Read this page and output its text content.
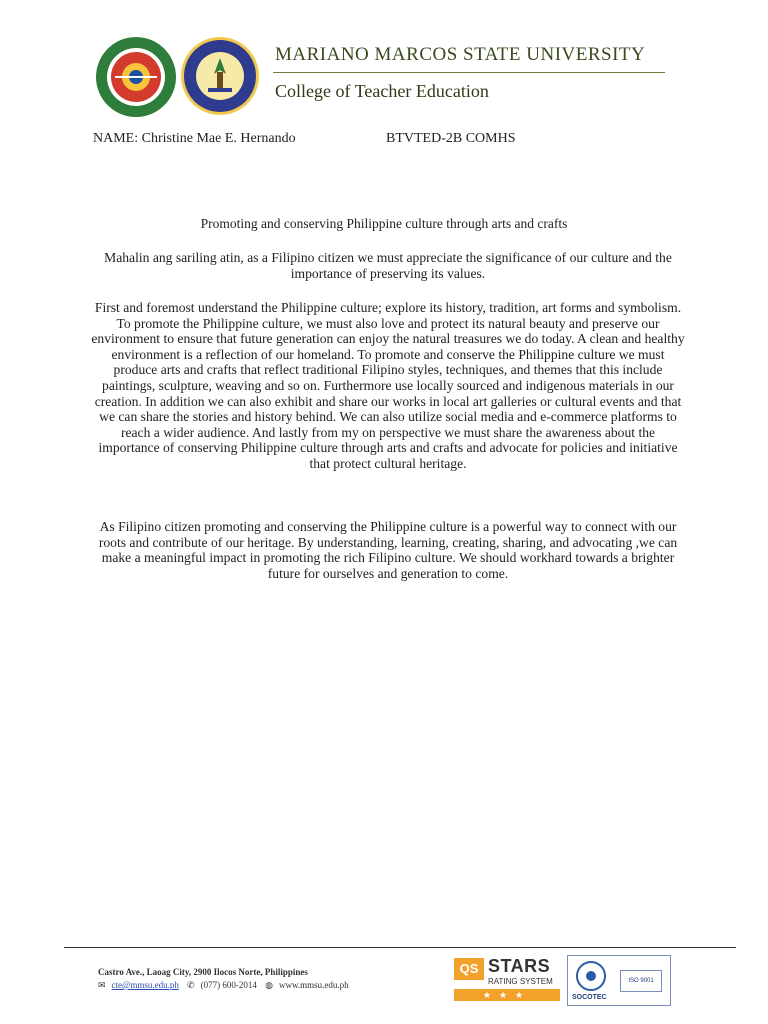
MARIANO MARCOS STATE UNIVERSITY
College of Teacher Education
NAME: Christine Mae E. Hernando	BTVTED-2B COMHS
Promoting and conserving Philippine culture through arts and crafts
Mahalin ang sariling atin, as a Filipino citizen we must appreciate the significance of our culture and the importance of preserving its values.
First and foremost understand the Philippine culture; explore its history, tradition, art forms and symbolism. To promote the Philippine culture, we must also love and protect its natural beauty and preserve our environment to ensure that future generation can enjoy the natural treasures we do today. A clean and healthy environment is a reflection of our homeland. To promote and conserve the Philippine culture we must produce arts and crafts that reflect traditional Filipino styles, techniques, and themes that this include paintings, sculpture, weaving and so on. Furthermore use locally sourced and indigenous materials in our creation. In addition we can also exhibit and share our works in local art galleries or cultural events and that we can share the stories and history behind. We can also utilize social media and e-commerce platforms to reach a wider audience. And lastly from my on perspective we must share the awareness about the importance of conserving Philippine culture through arts and crafts and advocate for policies and initiative that protect cultural heritage.
As Filipino citizen promoting and conserving the Philippine culture is a powerful way to connect with our roots and contribute of our heritage. By understanding, learning, creating, sharing, and advocating ,we can make a meaningful impact in promoting the rich Filipino culture. We should workhard towards a brighter future for ourselves and generation to come.
Castro Ave., Laoag City, 2900 Ilocos Norte, Philippines
✉ cte@mmsu.edu.ph ✆ (077) 600-2014 ◍ www.mmsu.edu.ph
QS STARS
RATING SYSTEM
★★★	SOCOTEC
ISO 9001
